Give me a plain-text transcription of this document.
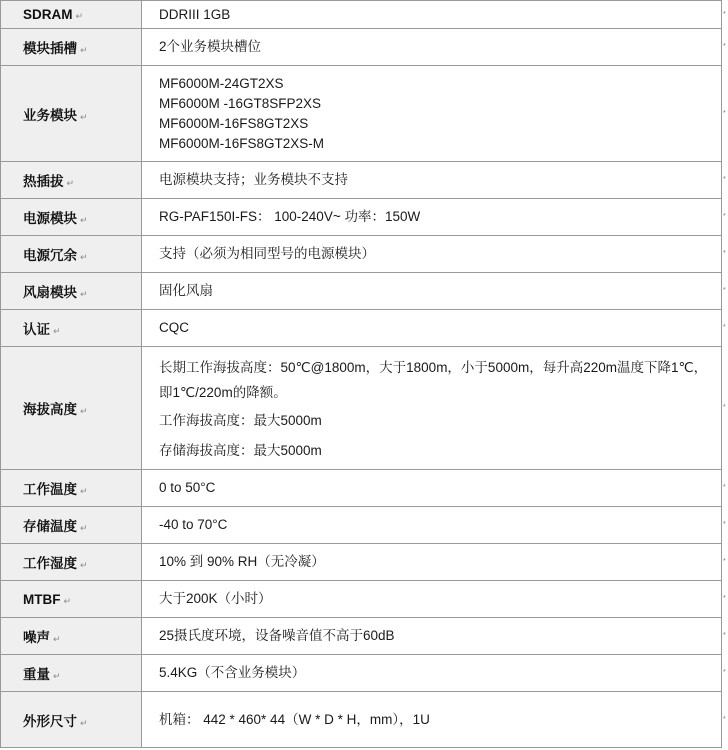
SDRAM ↵	DDRIII 1GB

模块插槽 ↵	2个业务模块槽位

业务模块 ↵	MF6000M-24GT2XS
MF6000M -16GT8SFP2XS
MF6000M-16FS8GT2XS
MF6000M-16FS8GT2XS-M

热插拔 ↵	电源模块支持；业务模块不支持

电源模块 ↵	RG-PAF150I-FS： 100-240V~ 功率：150W

电源冗余 ↵	支持（必须为相同型号的电源模块）

风扇模块 ↵	固化风扇

认证 ↵	CQC

海拔高度 ↵	长期工作海拔高度：50℃@1800m，大于1800m，小于5000m，每升高220m温度下降1℃，即1℃/220m的降额。
工作海拔高度：最大5000m
存储海拔高度：最大5000m

工作温度 ↵	0 to 50°C

存储温度 ↵	-40 to 70°C

工作湿度 ↵	10% 到 90% RH（无冷凝）

MTBF ↵	大于200K（小时）

噪声 ↵	25摄氏度环境，设备噪音值不高于60dB

重量 ↵	5.4KG（不含业务模块）

外形尺寸 ↵	机箱： 442 * 460* 44（W * D * H，mm），1U
*
*
*
*
*
*
*
*
*
*
*
*
*
*
*
*
